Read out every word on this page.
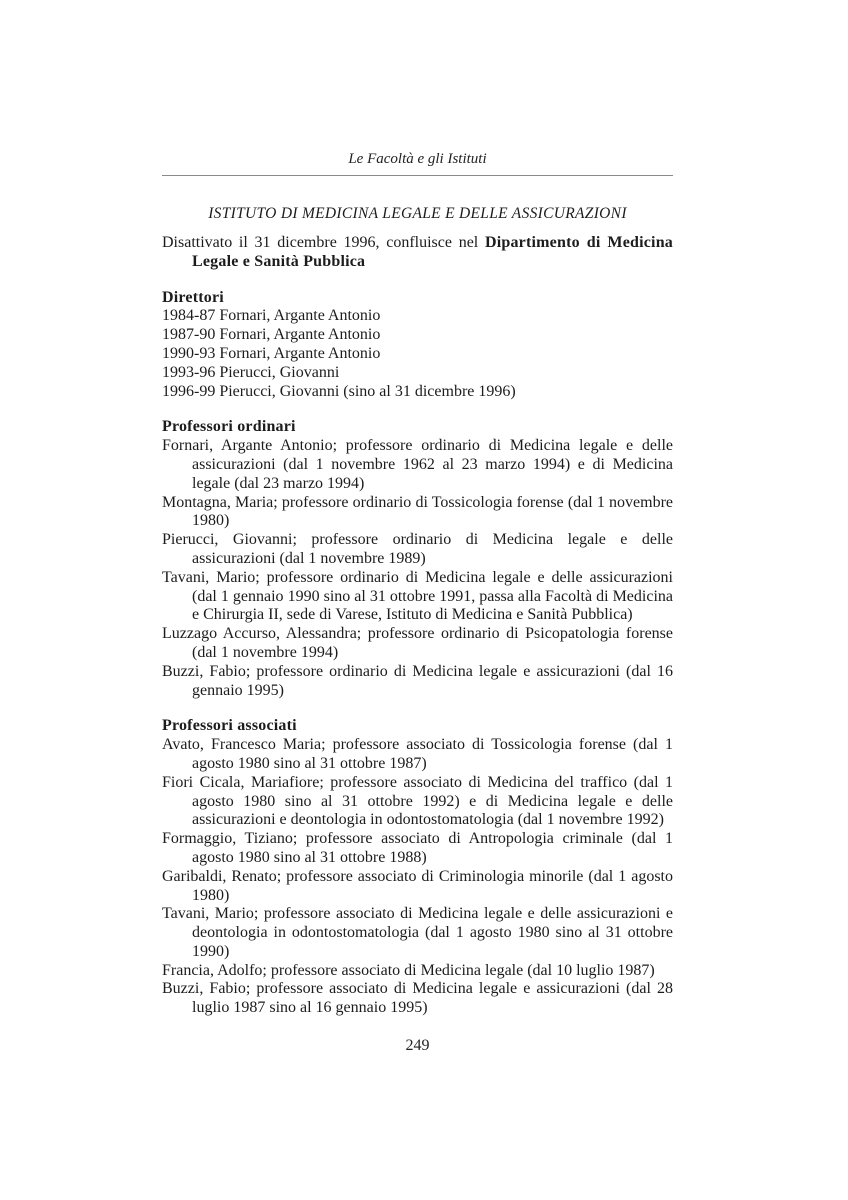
Le Facoltà e gli Istituti
ISTITUTO DI MEDICINA LEGALE E DELLE ASSICURAZIONI

Disattivato il 31 dicembre 1996, confluisce nel Dipartimento di Medicina Legale e Sanità Pubblica

Direttori
1984-87 Fornari, Argante Antonio
1987-90 Fornari, Argante Antonio
1990-93 Fornari, Argante Antonio
1993-96 Pierucci, Giovanni
1996-99 Pierucci, Giovanni (sino al 31 dicembre 1996)
Professori ordinari
Fornari, Argante Antonio; professore ordinario di Medicina legale e delle assicurazioni (dal 1 novembre 1962 al 23 marzo 1994) e di Medicina legale (dal 23 marzo 1994)
Montagna, Maria; professore ordinario di Tossicologia forense (dal 1 novembre 1980)
Pierucci, Giovanni; professore ordinario di Medicina legale e delle assicurazioni (dal 1 novembre 1989)
Tavani, Mario; professore ordinario di Medicina legale e delle assicurazioni (dal 1 gennaio 1990 sino al 31 ottobre 1991, passa alla Facoltà di Medicina e Chirurgia II, sede di Varese, Istituto di Medicina e Sanità Pubblica)
Luzzago Accurso, Alessandra; professore ordinario di Psicopatologia forense (dal 1 novembre 1994)
Buzzi, Fabio; professore ordinario di Medicina legale e assicurazioni (dal 16 gennaio 1995)
Professori associati
Avato, Francesco Maria; professore associato di Tossicologia forense (dal 1 agosto 1980 sino al 31 ottobre 1987)
Fiori Cicala, Mariafiore; professore associato di Medicina del traffico (dal 1 agosto 1980 sino al 31 ottobre 1992) e di Medicina legale e delle assicurazioni e deontologia in odontostomatologia (dal 1 novembre 1992)
Formaggio, Tiziano; professore associato di Antropologia criminale (dal 1 agosto 1980 sino al 31 ottobre 1988)
Garibaldi, Renato; professore associato di Criminologia minorile (dal 1 agosto 1980)
Tavani, Mario; professore associato di Medicina legale e delle assicurazioni e deontologia in odontostomatologia (dal 1 agosto 1980 sino al 31 ottobre 1990)
Francia, Adolfo; professore associato di Medicina legale (dal 10 luglio 1987)
Buzzi, Fabio; professore associato di Medicina legale e assicurazioni (dal 28 luglio 1987 sino al 16 gennaio 1995)
249
